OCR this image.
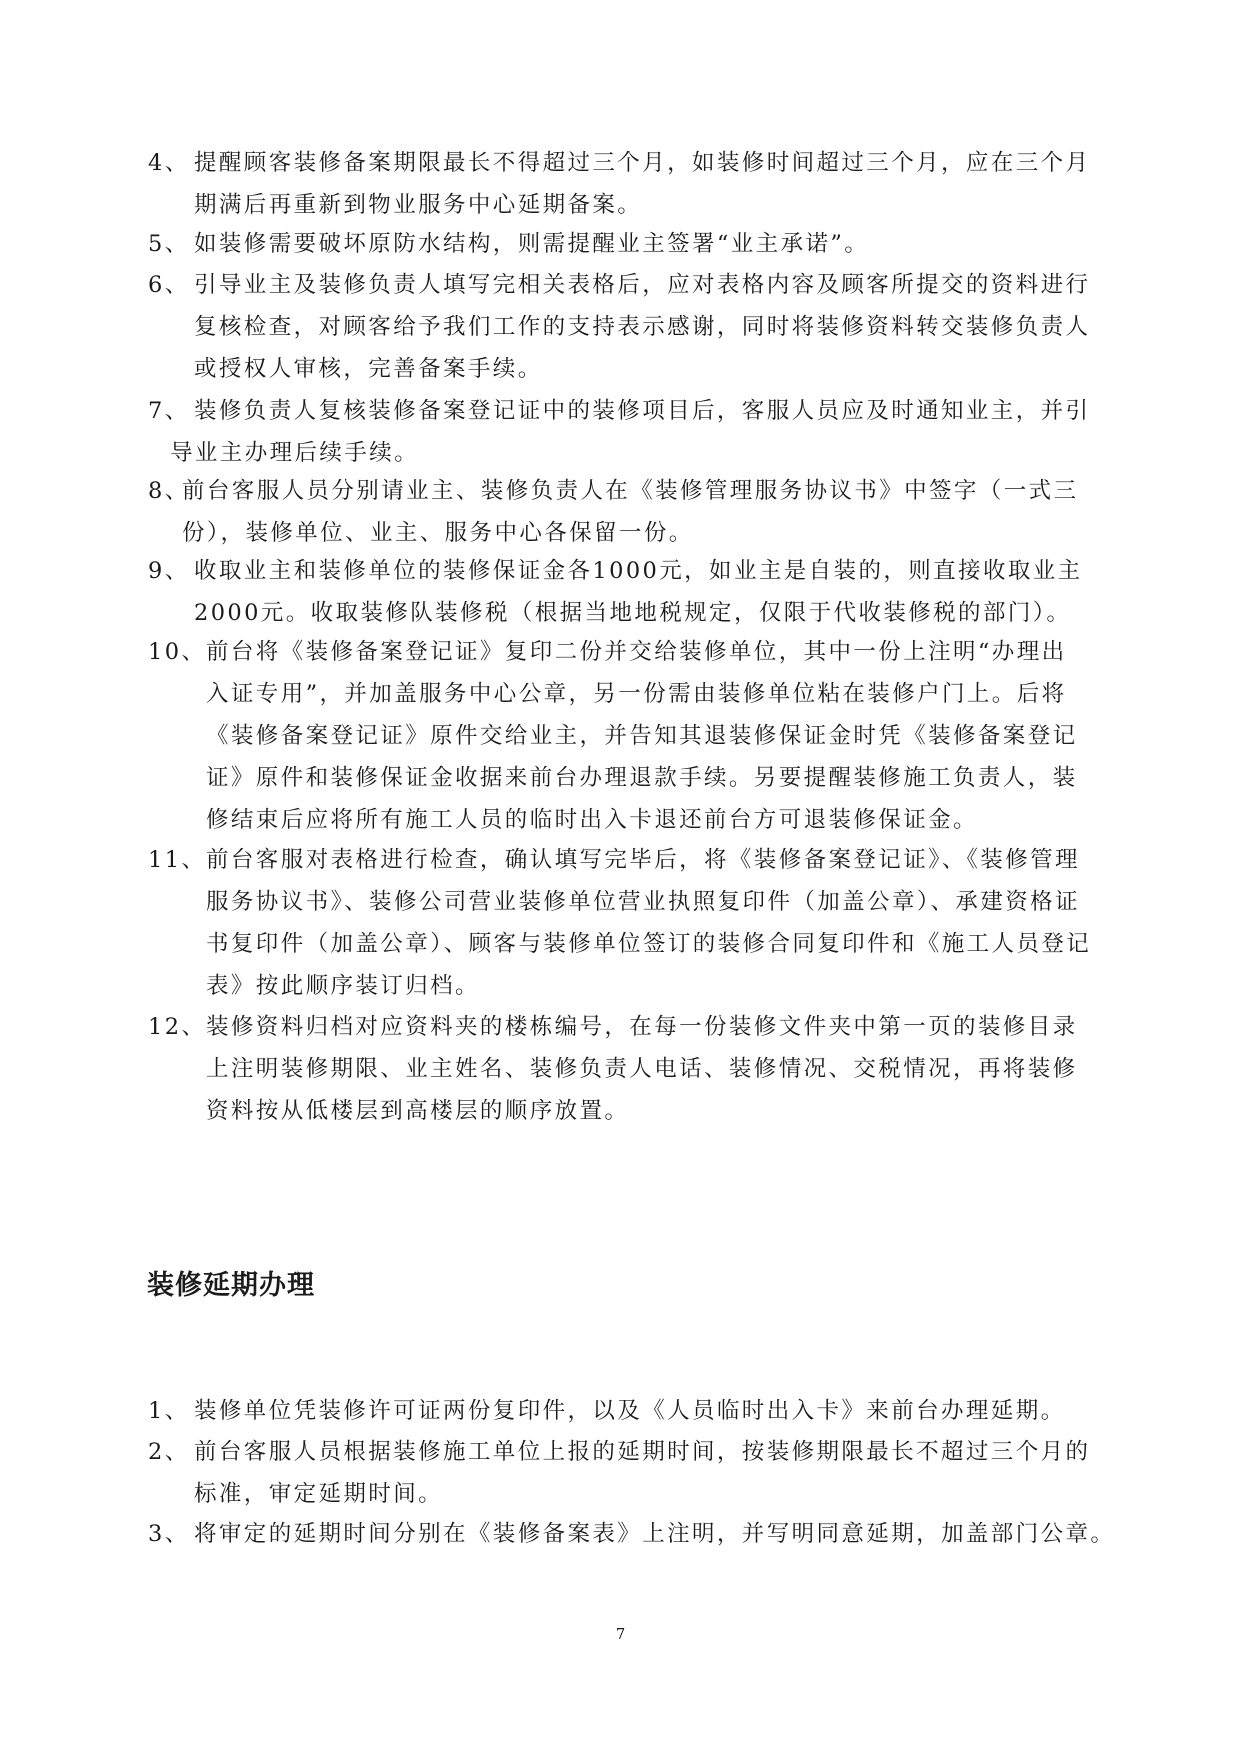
4、 提醒顾客装修备案期限最长不得超过三个月，如装修时间超过三个月，应在三个月
期满后再重新到物业服务中心延期备案。
5、 如装修需要破坏原防水结构，则需提醒业主签署“业主承诺”。
6、 引导业主及装修负责人填写完相关表格后，应对表格内容及顾客所提交的资料进行
复核检查，对顾客给予我们工作的支持表示感谢，同时将装修资料转交装修负责人
或授权人审核，完善备案手续。
7、 装修负责人复核装修备案登记证中的装修项目后，客服人员应及时通知业主，并引
导业主办理后续手续。
8、
前台客服人员分别请业主、装修负责人在《装修管理服务协议书》中签字（一式三
份），装修单位、业主、服务中心各保留一份。
9、 收取业主和装修单位的装修保证金各1000元，如业主是自装的，则直接收取业主
2000元。收取装修队装修税（根据当地地税规定，仅限于代收装修税的部门）。
10、 前台将《装修备案登记证》复印二份并交给装修单位，其中一份上注明“办理出
入证专用”，并加盖服务中心公章，另一份需由装修单位粘在装修户门上。后将
《装修备案登记证》原件交给业主，并告知其退装修保证金时凭《装修备案登记
证》原件和装修保证金收据来前台办理退款手续。另要提醒装修施工负责人，装
修结束后应将所有施工人员的临时出入卡退还前台方可退装修保证金。
11、 前台客服对表格进行检查，确认填写完毕后，将《装修备案登记证》、《装修管理
服务协议书》、装修公司营业装修单位营业执照复印件（加盖公章）、承建资格证
书复印件（加盖公章）、顾客与装修单位签订的装修合同复印件和《施工人员登记
表》按此顺序装订归档。
12、 装修资料归档对应资料夹的楼栋编号，在每一份装修文件夹中第一页的装修目录
上注明装修期限、业主姓名、装修负责人电话、装修情况、交税情况，再将装修
资料按从低楼层到高楼层的顺序放置。
装修延期办理
1、 装修单位凭装修许可证两份复印件，以及《人员临时出入卡》来前台办理延期。
2、 前台客服人员根据装修施工单位上报的延期时间，按装修期限最长不超过三个月的
标准，审定延期时间。
3、 将审定的延期时间分别在《装修备案表》上注明，并写明同意延期，加盖部门公章。
7
